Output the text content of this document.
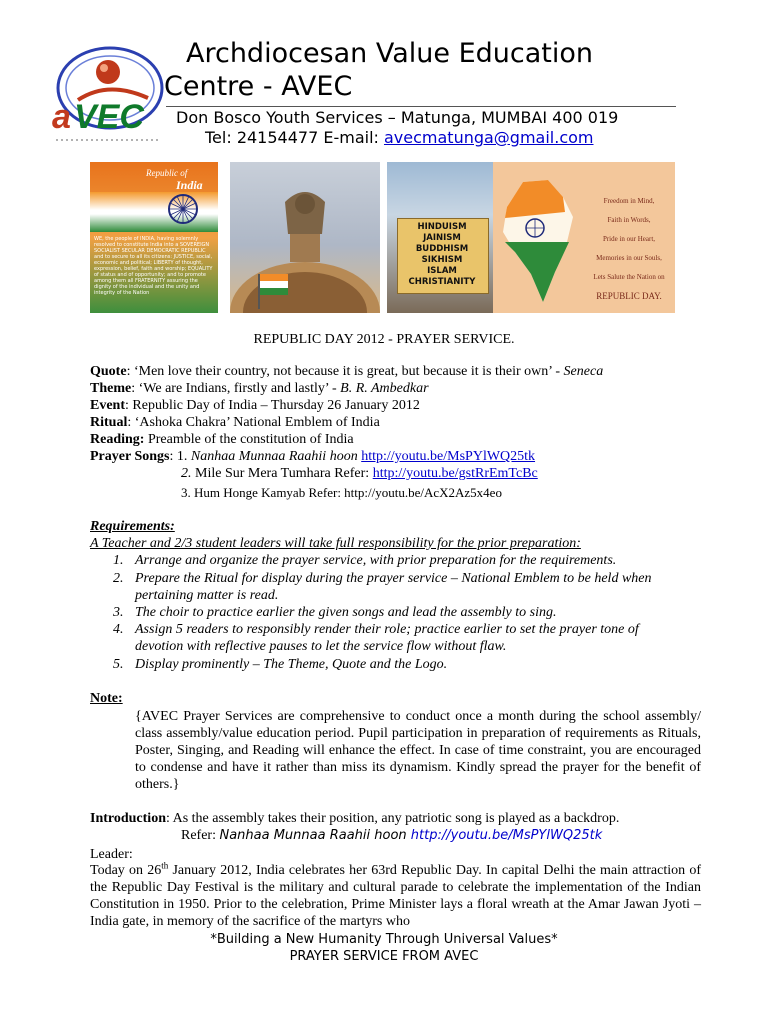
a VEC
Archdiocesan Value Education
Centre - AVEC
Don Bosco Youth Services – Matunga, MUMBAI 400 019
Tel: 24154477 E-mail: avecmatunga@gmail.com
Republic of
India
WE, the people of INDIA, having solemnly resolved to constitute India into a SOVEREIGN SOCIALIST SECULAR DEMOCRATIC REPUBLIC and to secure to all its citizens: JUSTICE, social, economic and political; LIBERTY of thought, expression, belief, faith and worship; EQUALITY of status and of opportunity; and to promote among them all FRATERNITY assuring the dignity of the individual and the unity and integrity of the Nation
HINDUISM
JAINISM
BUDDHISM
SIKHISM
ISLAM
CHRISTIANITY
Freedom in Mind,
Faith in Words,
Pride in our Heart,
Memories in our Souls,
Lets Salute the Nation on
REPUBLIC DAY.
REPUBLIC DAY 2012 - PRAYER SERVICE.
Quote: ‘Men love their country, not because it is great, but because it is their own’ - Seneca
Theme: ‘We are Indians, firstly and lastly’ - B. R. Ambedkar
Event: Republic Day of India – Thursday 26 January 2012
Ritual: ‘Ashoka Chakra’ National Emblem of India
Reading: Preamble of the constitution of India
Prayer Songs: 1. Nanhaa Munnaa Raahii hoon http://youtu.be/MsPYlWQ25tk
2. Mile Sur Mera Tumhara Refer: http://youtu.be/gstRrEmTcBc
3. Hum Honge Kamyab Refer: http://youtu.be/AcX2Az5x4eo
Requirements:
A Teacher and 2/3 student leaders will take full responsibility for the prior preparation:
1. Arrange and organize the prayer service, with prior preparation for the requirements.
2. Prepare the Ritual for display during the prayer service – National Emblem to be held when
pertaining matter is read.
3. The choir to practice earlier the given songs and lead the assembly to sing.
4. Assign 5 readers to responsibly render their role; practice earlier to set the prayer tone of
devotion with reflective pauses to let the service flow without flaw.
5. Display prominently – The Theme, Quote and the Logo.
Note:
{AVEC Prayer Services are comprehensive to conduct once a month during the school assembly/ class assembly/value education period. Pupil participation in preparation of requirements as Rituals, Poster, Singing, and Reading will enhance the effect. In case of time constraint, you are encouraged to condense and have it rather than miss its dynamism. Kindly spread the prayer for the benefit of others.}
Introduction: As the assembly takes their position, any patriotic song is played as a backdrop.
Refer: Nanhaa Munnaa Raahii hoon http://youtu.be/MsPYlWQ25tk
Leader:
Today on 26th January 2012, India celebrates her 63rd Republic Day. In capital Delhi the main attraction of the Republic Day Festival is the military and cultural parade to celebrate the implementation of the Indian Constitution in 1950. Prior to the celebration, Prime Minister lays a floral wreath at the Amar Jawan Jyoti – India gate, in memory of the sacrifice of the martyrs who
*Building a New Humanity Through Universal Values*
PRAYER SERVICE FROM AVEC
